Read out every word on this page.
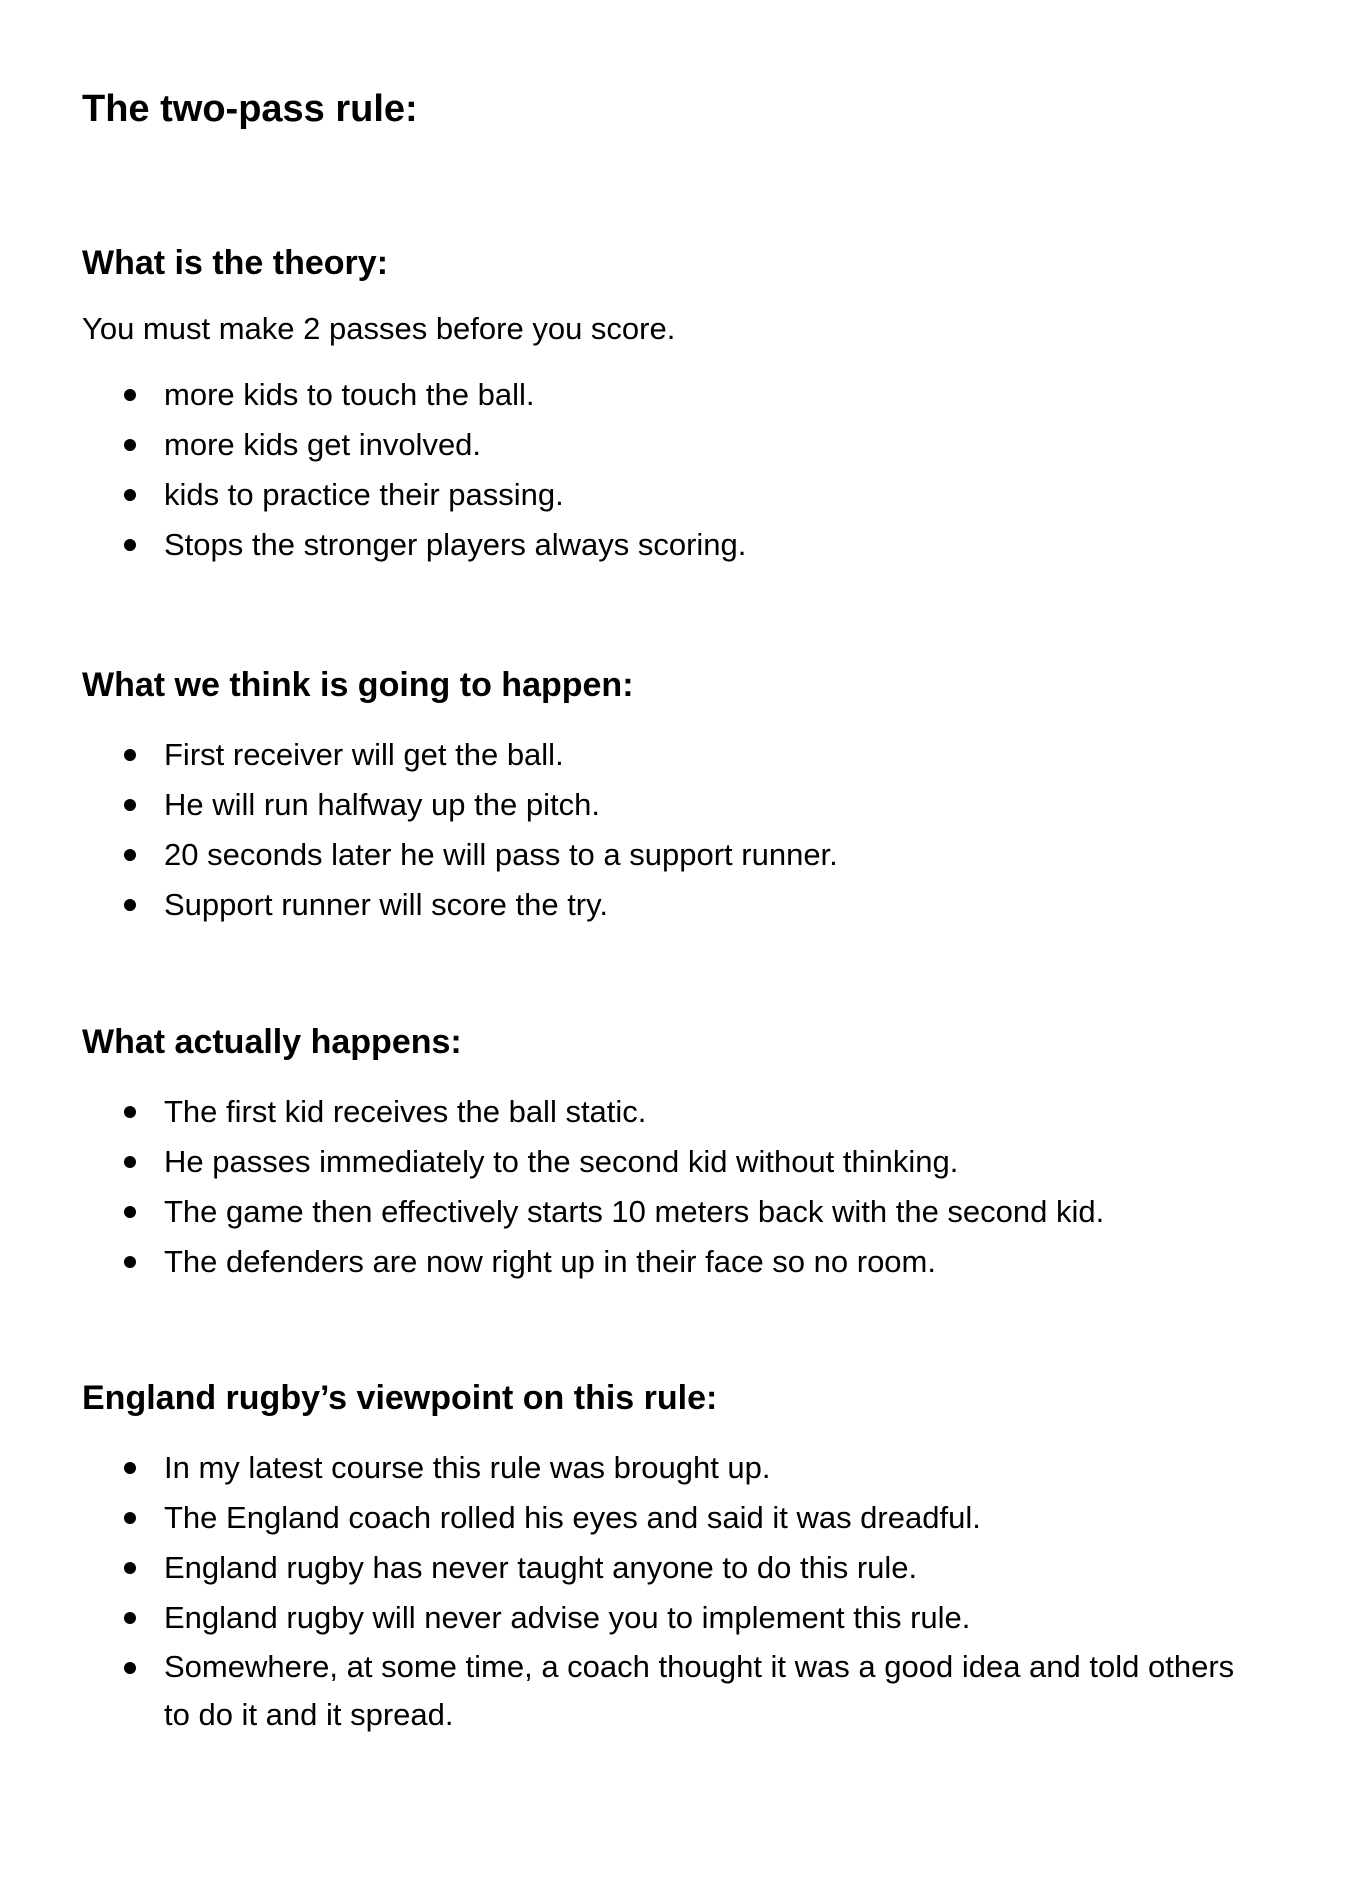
The two-pass rule:
What is the theory:

You must make 2 passes before you score.

more kids to touch the ball.
more kids get involved.
kids to practice their passing.
Stops the stronger players always scoring.
What we think is going to happen:
First receiver will get the ball.
He will run halfway up the pitch.
20 seconds later he will pass to a support runner.
Support runner will score the try.
What actually happens:
The first kid receives the ball static.
He passes immediately to the second kid without thinking.
The game then effectively starts 10 meters back with the second kid.
The defenders are now right up in their face so no room.
England rugby’s viewpoint on this rule:
In my latest course this rule was brought up.
The England coach rolled his eyes and said it was dreadful.
England rugby has never taught anyone to do this rule.
England rugby will never advise you to implement this rule.
Somewhere, at some time, a coach thought it was a good idea and told others to do it and it spread.
